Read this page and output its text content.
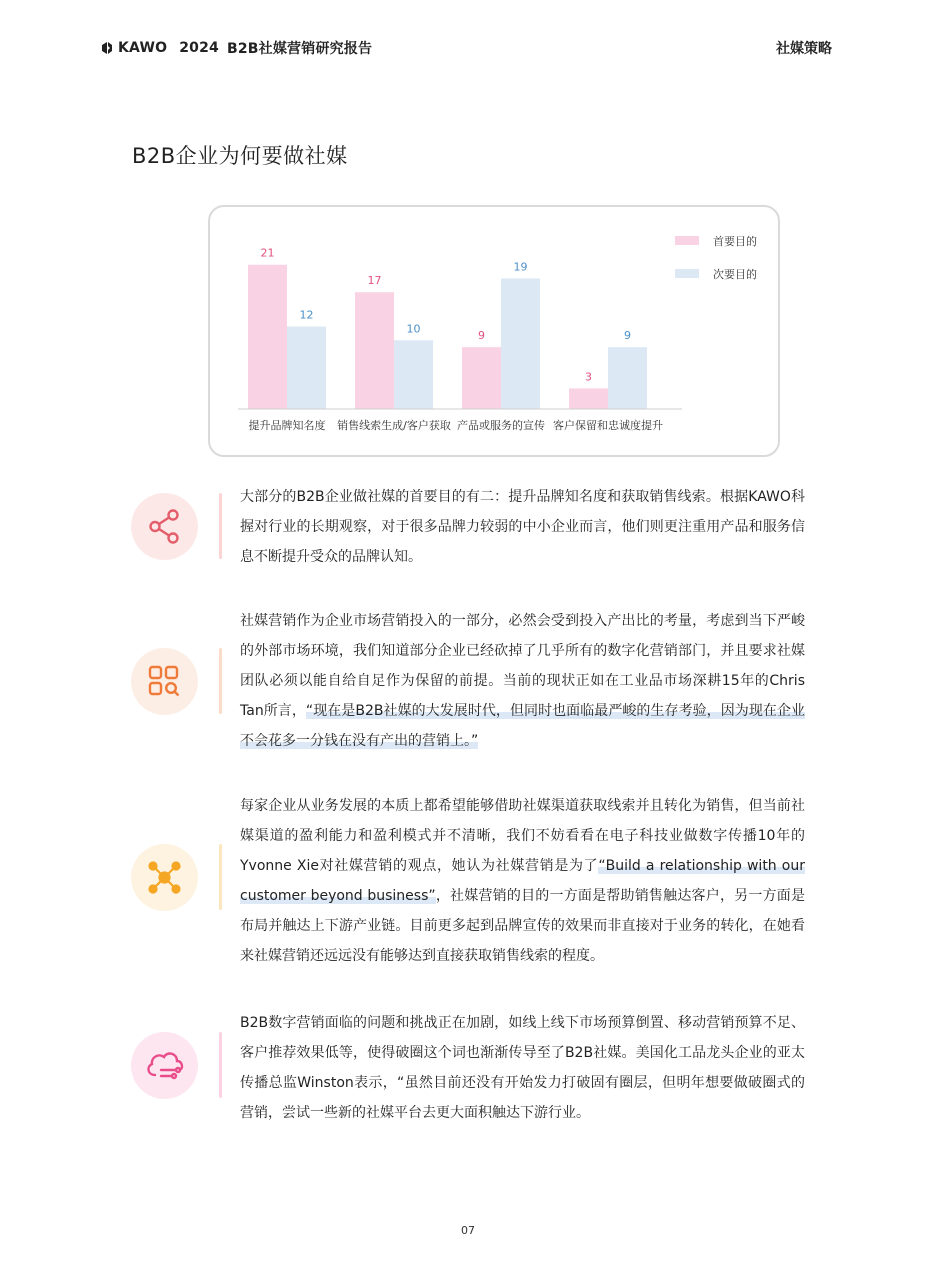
KAWO 2024 B2B社媒营销研究报告	社媒策略
B2B企业为何要做社媒
21
12
提升品牌知名度
17
10
销售线索生成/客户获取
9
19
产品或服务的宣传
3
9
客户保留和忠诚度提升
首要目的
次要目的
大部分的B2B企业做社媒的首要目的有二：提升品牌知名度和获取销售线索。根据KAWO科握对行业的长期观察，对于很多品牌力较弱的中小企业而言，他们则更注重用产品和服务信息不断提升受众的品牌认知。
社媒营销作为企业市场营销投入的一部分，必然会受到投入产出比的考量，考虑到当下严峻的外部市场环境，我们知道部分企业已经砍掉了几乎所有的数字化营销部门，并且要求社媒团队必须以能自给自足作为保留的前提。当前的现状正如在工业品市场深耕15年的Chris Tan所言，“现在是B2B社媒的大发展时代，但同时也面临最严峻的生存考验，因为现在企业不会花多一分钱在没有产出的营销上。”
每家企业从业务发展的本质上都希望能够借助社媒渠道获取线索并且转化为销售，但当前社媒渠道的盈利能力和盈利模式并不清晰，我们不妨看看在电子科技业做数字传播10年的Yvonne Xie对社媒营销的观点，她认为社媒营销是为了“Build a relationship with our customer beyond business”，社媒营销的目的一方面是帮助销售触达客户，另一方面是布局并触达上下游产业链。目前更多起到品牌宣传的效果而非直接对于业务的转化，在她看来社媒营销还远远没有能够达到直接获取销售线索的程度。
B2B数字营销面临的问题和挑战正在加剧，如线上线下市场预算倒置、移动营销预算不足、客户推荐效果低等，使得破圈这个词也渐渐传导至了B2B社媒。美国化工品龙头企业的亚太传播总监Winston表示，“虽然目前还没有开始发力打破固有圈层，但明年想要做破圈式的营销，尝试一些新的社媒平台去更大面积触达下游行业。
07
